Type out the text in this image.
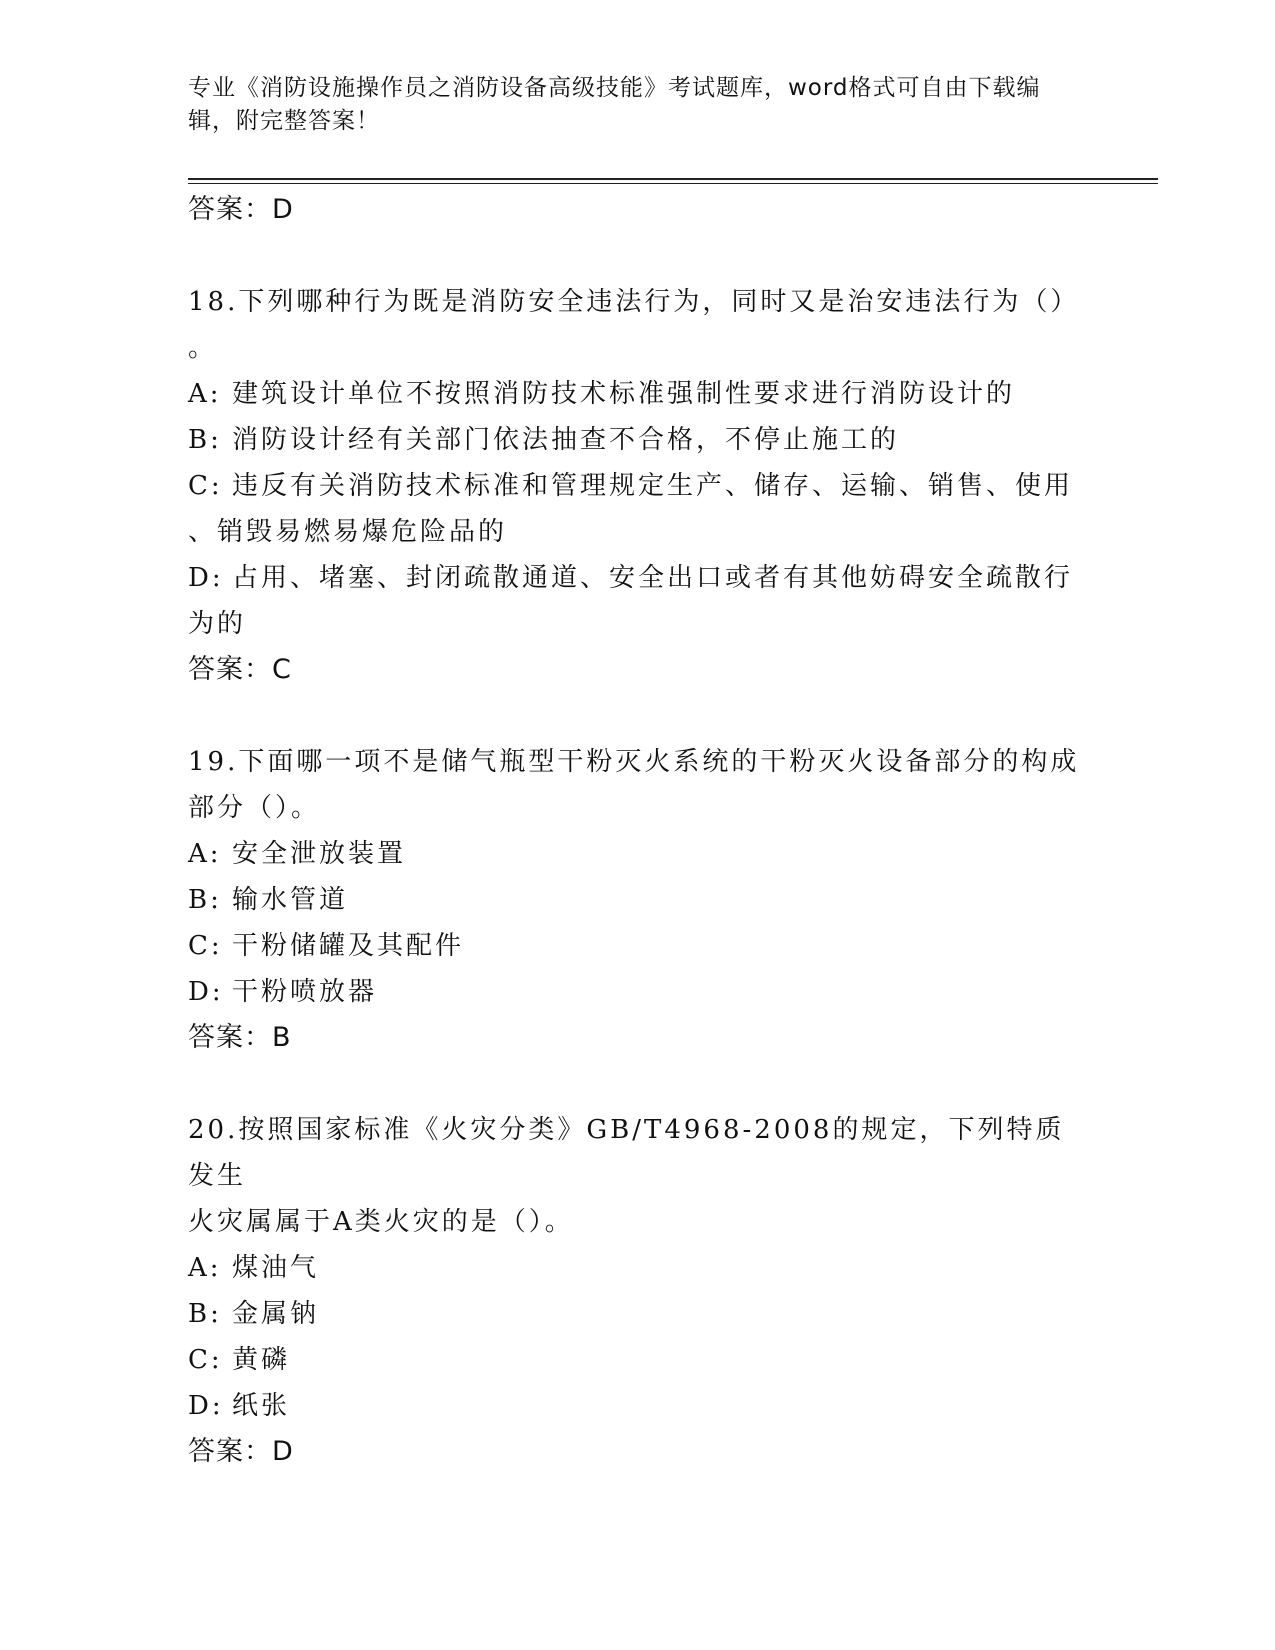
专业《消防设施操作员之消防设备高级技能》考试题库，word格式可自由下载编
辑，附完整答案！

答案：D

18.下列哪种行为既是消防安全违法行为，同时又是治安违法行为（）

。

A: 建筑设计单位不按照消防技术标准强制性要求进行消防设计的

B: 消防设计经有关部门依法抽查不合格，不停止施工的

C: 违反有关消防技术标准和管理规定生产、储存、运输、销售、使用

、销毁易燃易爆危险品的

D: 占用、堵塞、封闭疏散通道、安全出口或者有其他妨碍安全疏散行

为的

答案：C

19.下面哪一项不是储气瓶型干粉灭火系统的干粉灭火设备部分的构成

部分（）。

A: 安全泄放装置

B: 输水管道

C: 干粉储罐及其配件

D: 干粉喷放器

答案：B

20.按照国家标准《火灾分类》GB/T4968-2008的规定，下列特质发生

火灾属属于A类火灾的是（）。

A: 煤油气

B: 金属钠

C: 黄磷

D: 纸张

答案：D
